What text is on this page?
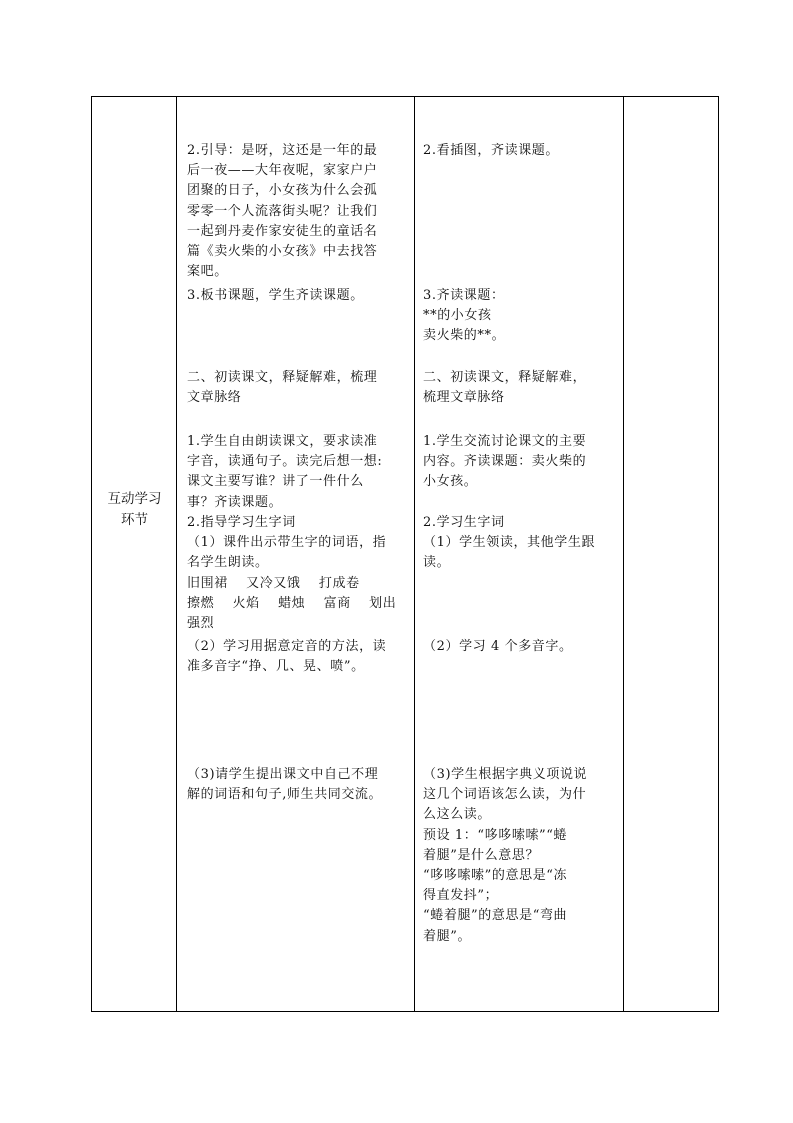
互动学习
环节
2.引导：是呀，这还是一年的最
后一夜——大年夜呢，家家户户
团聚的日子，小女孩为什么会孤
零零一个人流落街头呢？让我们
一起到丹麦作家安徒生的童话名
篇《卖火柴的小女孩》中去找答
案吧。
3.板书课题，学生齐读课题。
二、初读课文，释疑解难，梳理
文章脉络
1.学生自由朗读课文，要求读准
字音，读通句子。读完后想一想:
课文主要写谁？讲了一件什么
事？齐读课题。
2.指导学习生字词
（1）课件出示带生字的词语，指
名学生朗读。
旧围裙　 又冷又饿　 打成卷
擦燃　 火焰　 蜡烛　 富商　 划出
强烈
（2）学习用据意定音的方法，读
准多音字“挣、几、晃、喷”。
（3)请学生提出课文中自己不理
解的词语和句子,师生共同交流。
2.看插图，齐读课题。
3.齐读课题：
**的小女孩
卖火柴的**。
二、初读课文，释疑解难，
梳理文章脉络
1.学生交流讨论课文的主要
内容。齐读课题：卖火柴的
小女孩。
2.学习生字词
（1）学生领读，其他学生跟
读。
（2）学习 4 个多音字。
（3)学生根据字典义项说说
这几个词语该怎么读，为什
么这么读。
预设 1：“哆哆嗦嗦”“蜷
着腿”是什么意思？
“哆哆嗦嗦”的意思是“冻
得直发抖”；
“蜷着腿”的意思是“弯曲
着腿”。
